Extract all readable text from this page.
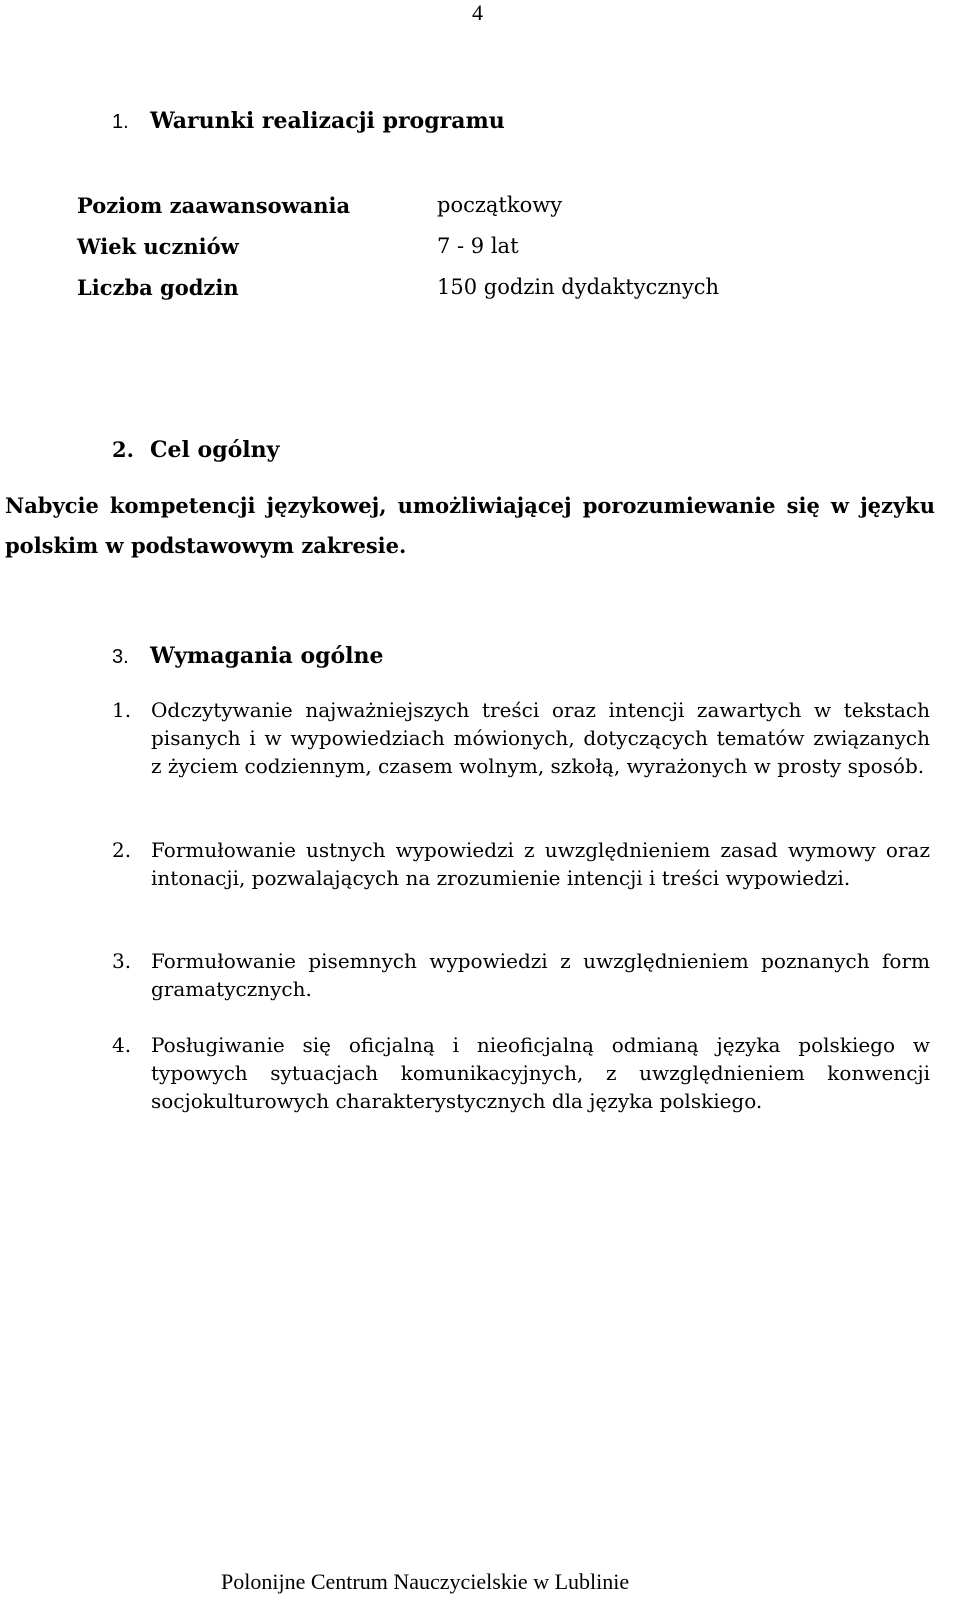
4
1. Warunki realizacji programu
Poziom zaawansowania	początkowy
Wiek uczniów	7 - 9 lat
Liczba godzin	150 godzin dydaktycznych
2. Cel ogólny
Nabycie kompetencji językowej, umożliwiającej porozumiewanie się w języku polskim w podstawowym zakresie.
3. Wymagania ogólne
1. Odczytywanie najważniejszych treści oraz intencji zawartych w tekstach pisanych i w wypowiedziach mówionych, dotyczących tematów związanych z życiem codziennym, czasem wolnym, szkołą, wyrażonych w prosty sposób.
2. Formułowanie ustnych wypowiedzi z uwzględnieniem zasad wymowy oraz intonacji, pozwalających na zrozumienie intencji i treści wypowiedzi.
3. Formułowanie pisemnych wypowiedzi z uwzględnieniem poznanych form gramatycznych.
4. Posługiwanie się oficjalną i nieoficjalną odmianą języka polskiego w typowych sytuacjach komunikacyjnych, z uwzględnieniem konwencji socjokulturowych charakterystycznych dla języka polskiego.
Polonijne Centrum Nauczycielskie w Lublinie
